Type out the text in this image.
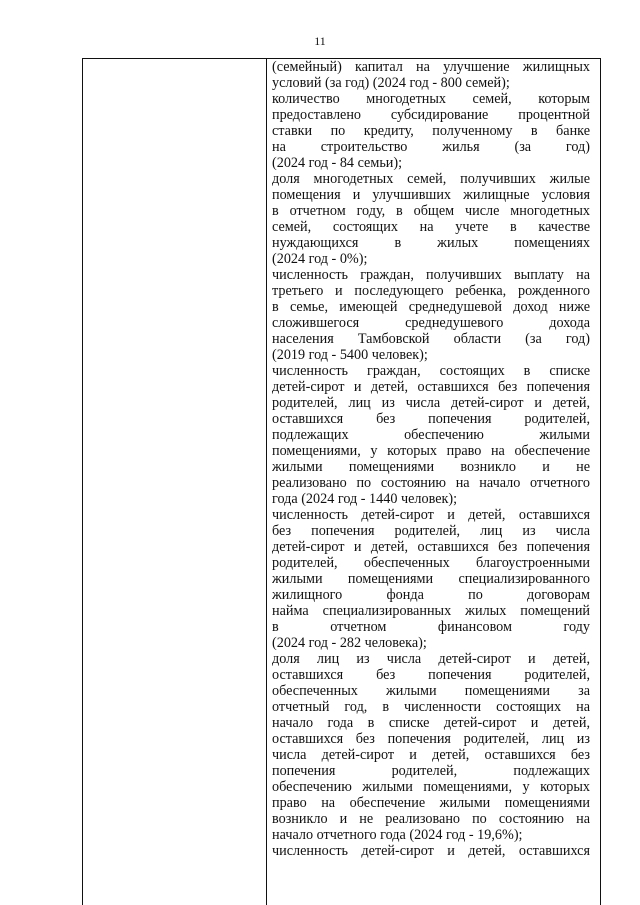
11
(семейный) капитал на улучшение жилищных
условий (за год) (2024 год - 800 семей);
количество многодетных семей, которым
предоставлено субсидирование процентной
ставки по кредиту, полученному в банке
на строительство жилья (за год)
(2024 год - 84 семьи);
доля многодетных семей, получивших жилые
помещения и улучшивших жилищные условия
в отчетном году, в общем числе многодетных
семей, состоящих на учете в качестве
нуждающихся в жилых помещениях
(2024 год - 0%);
численность граждан, получивших выплату на
третьего и последующего ребенка, рожденного
в семье, имеющей среднедушевой доход ниже
сложившегося среднедушевого дохода
населения Тамбовской области (за год)
(2019 год - 5400 человек);
численность граждан, состоящих в списке
детей-сирот и детей, оставшихся без попечения
родителей, лиц из числа детей-сирот и детей,
оставшихся без попечения родителей,
подлежащих обеспечению жилыми
помещениями, у которых право на обеспечение
жилыми помещениями возникло и не
реализовано по состоянию на начало отчетного
года (2024 год - 1440 человек);
численность детей-сирот и детей, оставшихся
без попечения родителей, лиц из числа
детей-сирот и детей, оставшихся без попечения
родителей, обеспеченных благоустроенными
жилыми помещениями специализированного
жилищного фонда по договорам
найма специализированных жилых помещений
в отчетном финансовом году
(2024 год - 282 человека);
доля лиц из числа детей-сирот и детей,
оставшихся без попечения родителей,
обеспеченных жилыми помещениями за
отчетный год, в численности состоящих на
начало года в списке детей-сирот и детей,
оставшихся без попечения родителей, лиц из
числа детей-сирот и детей, оставшихся без
попечения родителей, подлежащих
обеспечению жилыми помещениями, у которых
право на обеспечение жилыми помещениями
возникло и не реализовано по состоянию на
начало отчетного года (2024 год - 19,6%);
численность детей-сирот и детей, оставшихся
